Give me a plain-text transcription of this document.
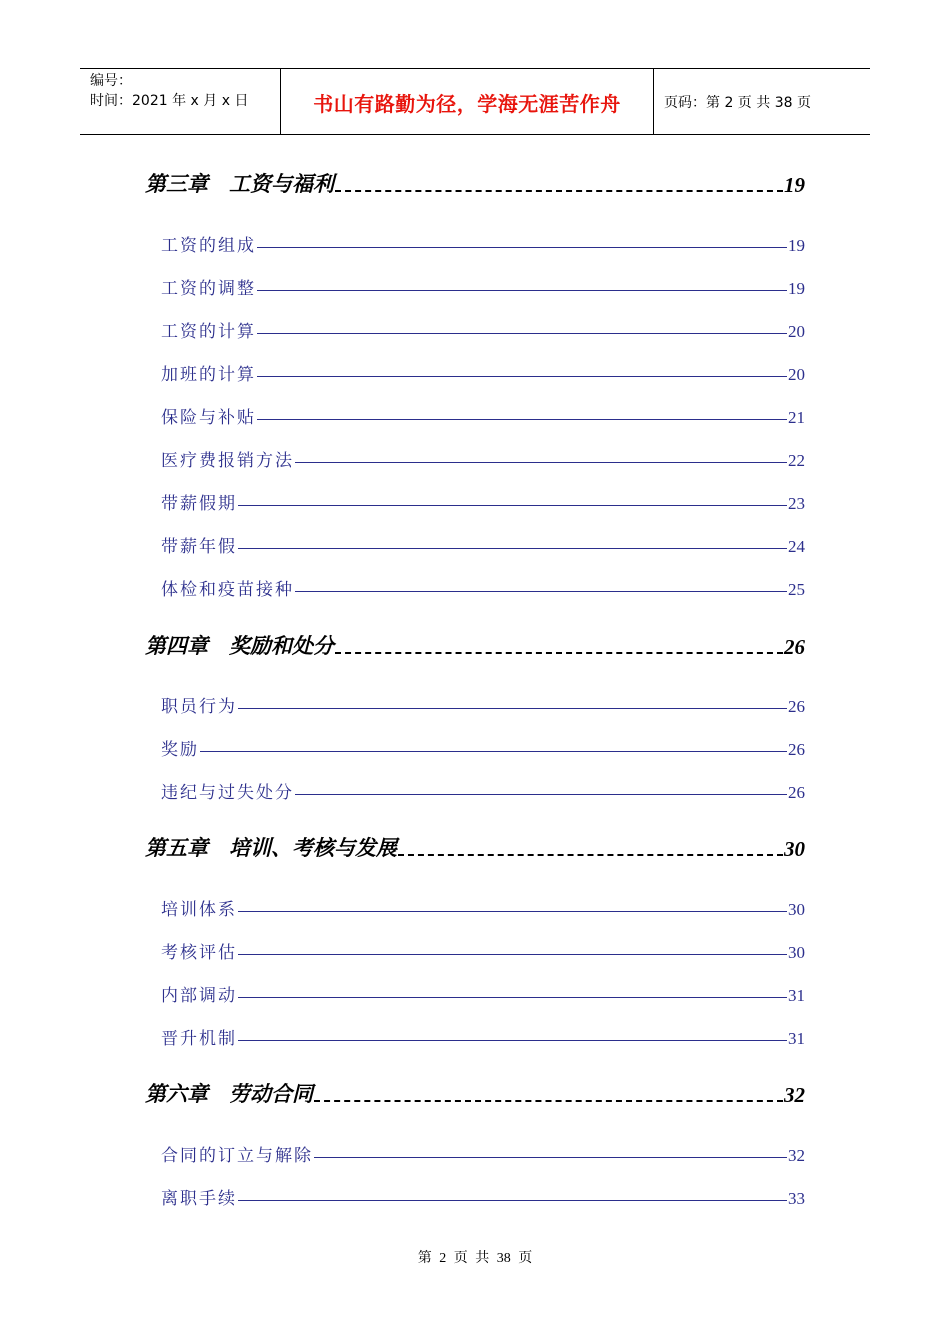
编号：
时间：2021 年 x 月 x 日	书山有路勤为径，学海无涯苦作舟	页码：第 2 页 共 38 页
第三章　工资与福利	19
工资的组成	19
工资的调整	19
工资的计算	20
加班的计算	20
保险与补贴	21
医疗费报销方法	22
带薪假期	23
带薪年假	24
体检和疫苗接种	25
第四章　奖励和处分	26
职员行为	26
奖励	26
违纪与过失处分	26
第五章　培训、考核与发展	30
培训体系	30
考核评估	30
内部调动	31
晋升机制	31
第六章　劳动合同	32
合同的订立与解除	32
离职手续	33
第 2 页 共 38 页
